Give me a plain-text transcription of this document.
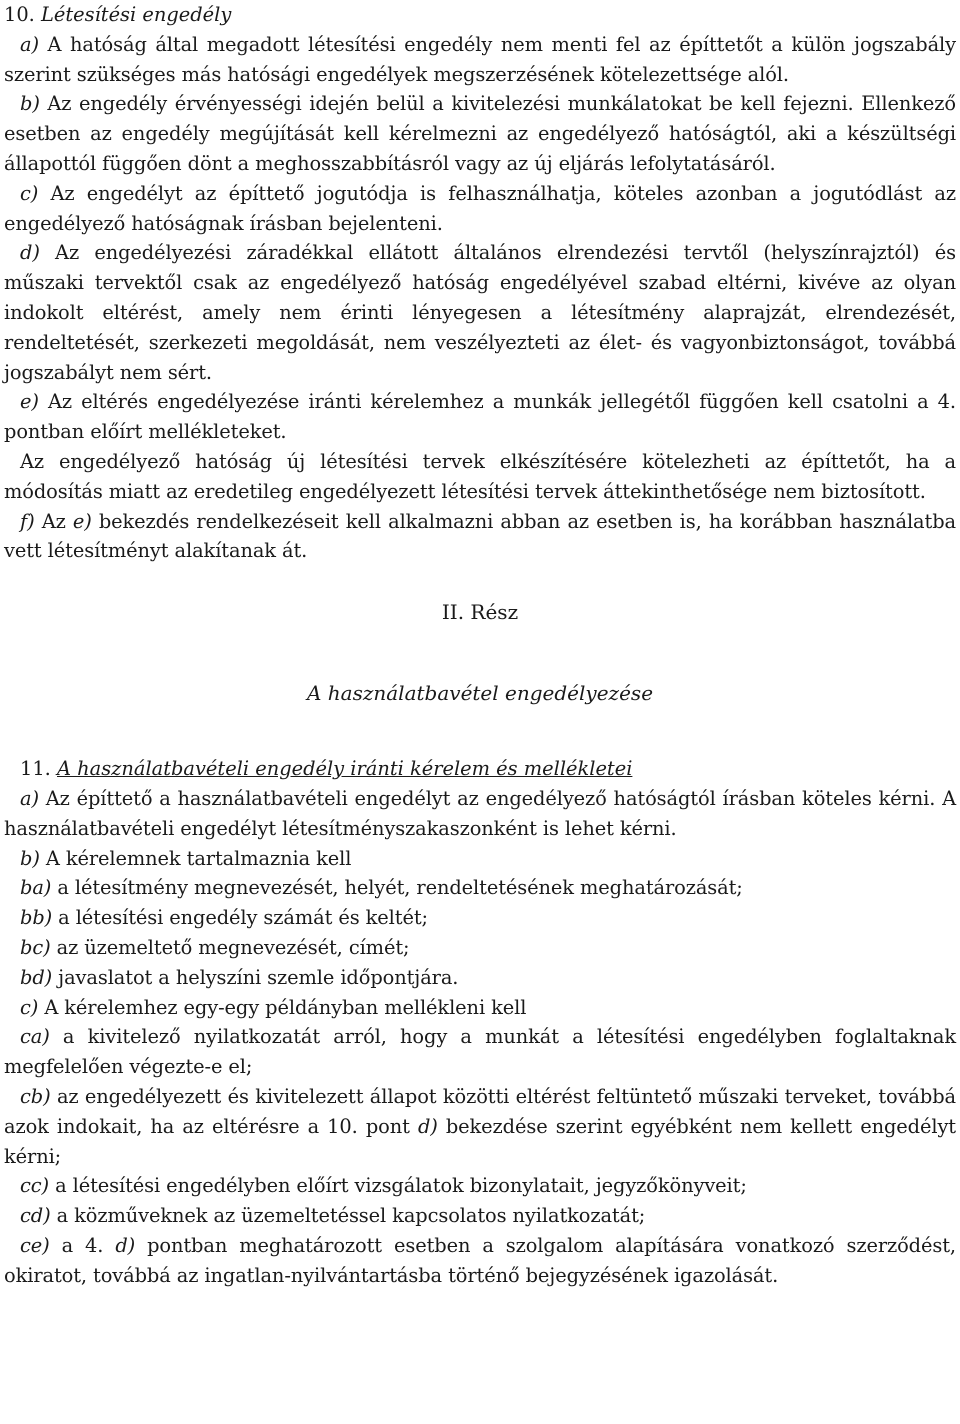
10. Létesítési engedély

a) A hatóság által megadott létesítési engedély nem menti fel az építtetőt a külön jogszabály szerint szükséges más hatósági engedélyek megszerzésének kötelezettsége alól.

b) Az engedély érvényességi idején belül a kivitelezési munkálatokat be kell fejezni. Ellenkező esetben az engedély megújítását kell kérelmezni az engedélyező hatóságtól, aki a készültségi állapottól függően dönt a meghosszabbításról vagy az új eljárás lefolytatásáról.

c) Az engedélyt az építtető jogutódja is felhasználhatja, köteles azonban a jogutódlást az engedélyező hatóságnak írásban bejelenteni.

d) Az engedélyezési záradékkal ellátott általános elrendezési tervtől (helyszínrajztól) és műszaki tervektől csak az engedélyező hatóság engedélyével szabad eltérni, kivéve az olyan indokolt eltérést, amely nem érinti lényegesen a létesítmény alaprajzát, elrendezését, rendeltetését, szerkezeti megoldását, nem veszélyezteti az élet- és vagyonbiztonságot, továbbá jogszabályt nem sért.

e) Az eltérés engedélyezése iránti kérelemhez a munkák jellegétől függően kell csatolni a 4. pontban előírt mellékleteket.

Az engedélyező hatóság új létesítési tervek elkészítésére kötelezheti az építtetőt, ha a módosítás miatt az eredetileg engedélyezett létesítési tervek áttekinthetősége nem biztosított.

f) Az e) bekezdés rendelkezéseit kell alkalmazni abban az esetben is, ha korábban használatba vett létesítményt alakítanak át.

II. Rész

A használatbavétel engedélyezése

11. A használatbavételi engedély iránti kérelem és mellékletei

a) Az építtető a használatbavételi engedélyt az engedélyező hatóságtól írásban köteles kérni. A használatbavételi engedélyt létesítményszakaszonként is lehet kérni.

b) A kérelemnek tartalmaznia kell

ba) a létesítmény megnevezését, helyét, rendeltetésének meghatározását;

bb) a létesítési engedély számát és keltét;

bc) az üzemeltető megnevezését, címét;

bd) javaslatot a helyszíni szemle időpontjára.

c) A kérelemhez egy-egy példányban mellékleni kell

ca) a kivitelező nyilatkozatát arról, hogy a munkát a létesítési engedélyben foglaltaknak megfelelően végezte-e el;

cb) az engedélyezett és kivitelezett állapot közötti eltérést feltüntető műszaki terveket, továbbá azok indokait, ha az eltérésre a 10. pont d) bekezdése szerint egyébként nem kellett engedélyt kérni;

cc) a létesítési engedélyben előírt vizsgálatok bizonylatait, jegyzőkönyveit;

cd) a közműveknek az üzemeltetéssel kapcsolatos nyilatkozatát;

ce) a 4. d) pontban meghatározott esetben a szolgalom alapítására vonatkozó szerződést, okiratot, továbbá az ingatlan-nyilvántartásba történő bejegyzésének igazolását.
